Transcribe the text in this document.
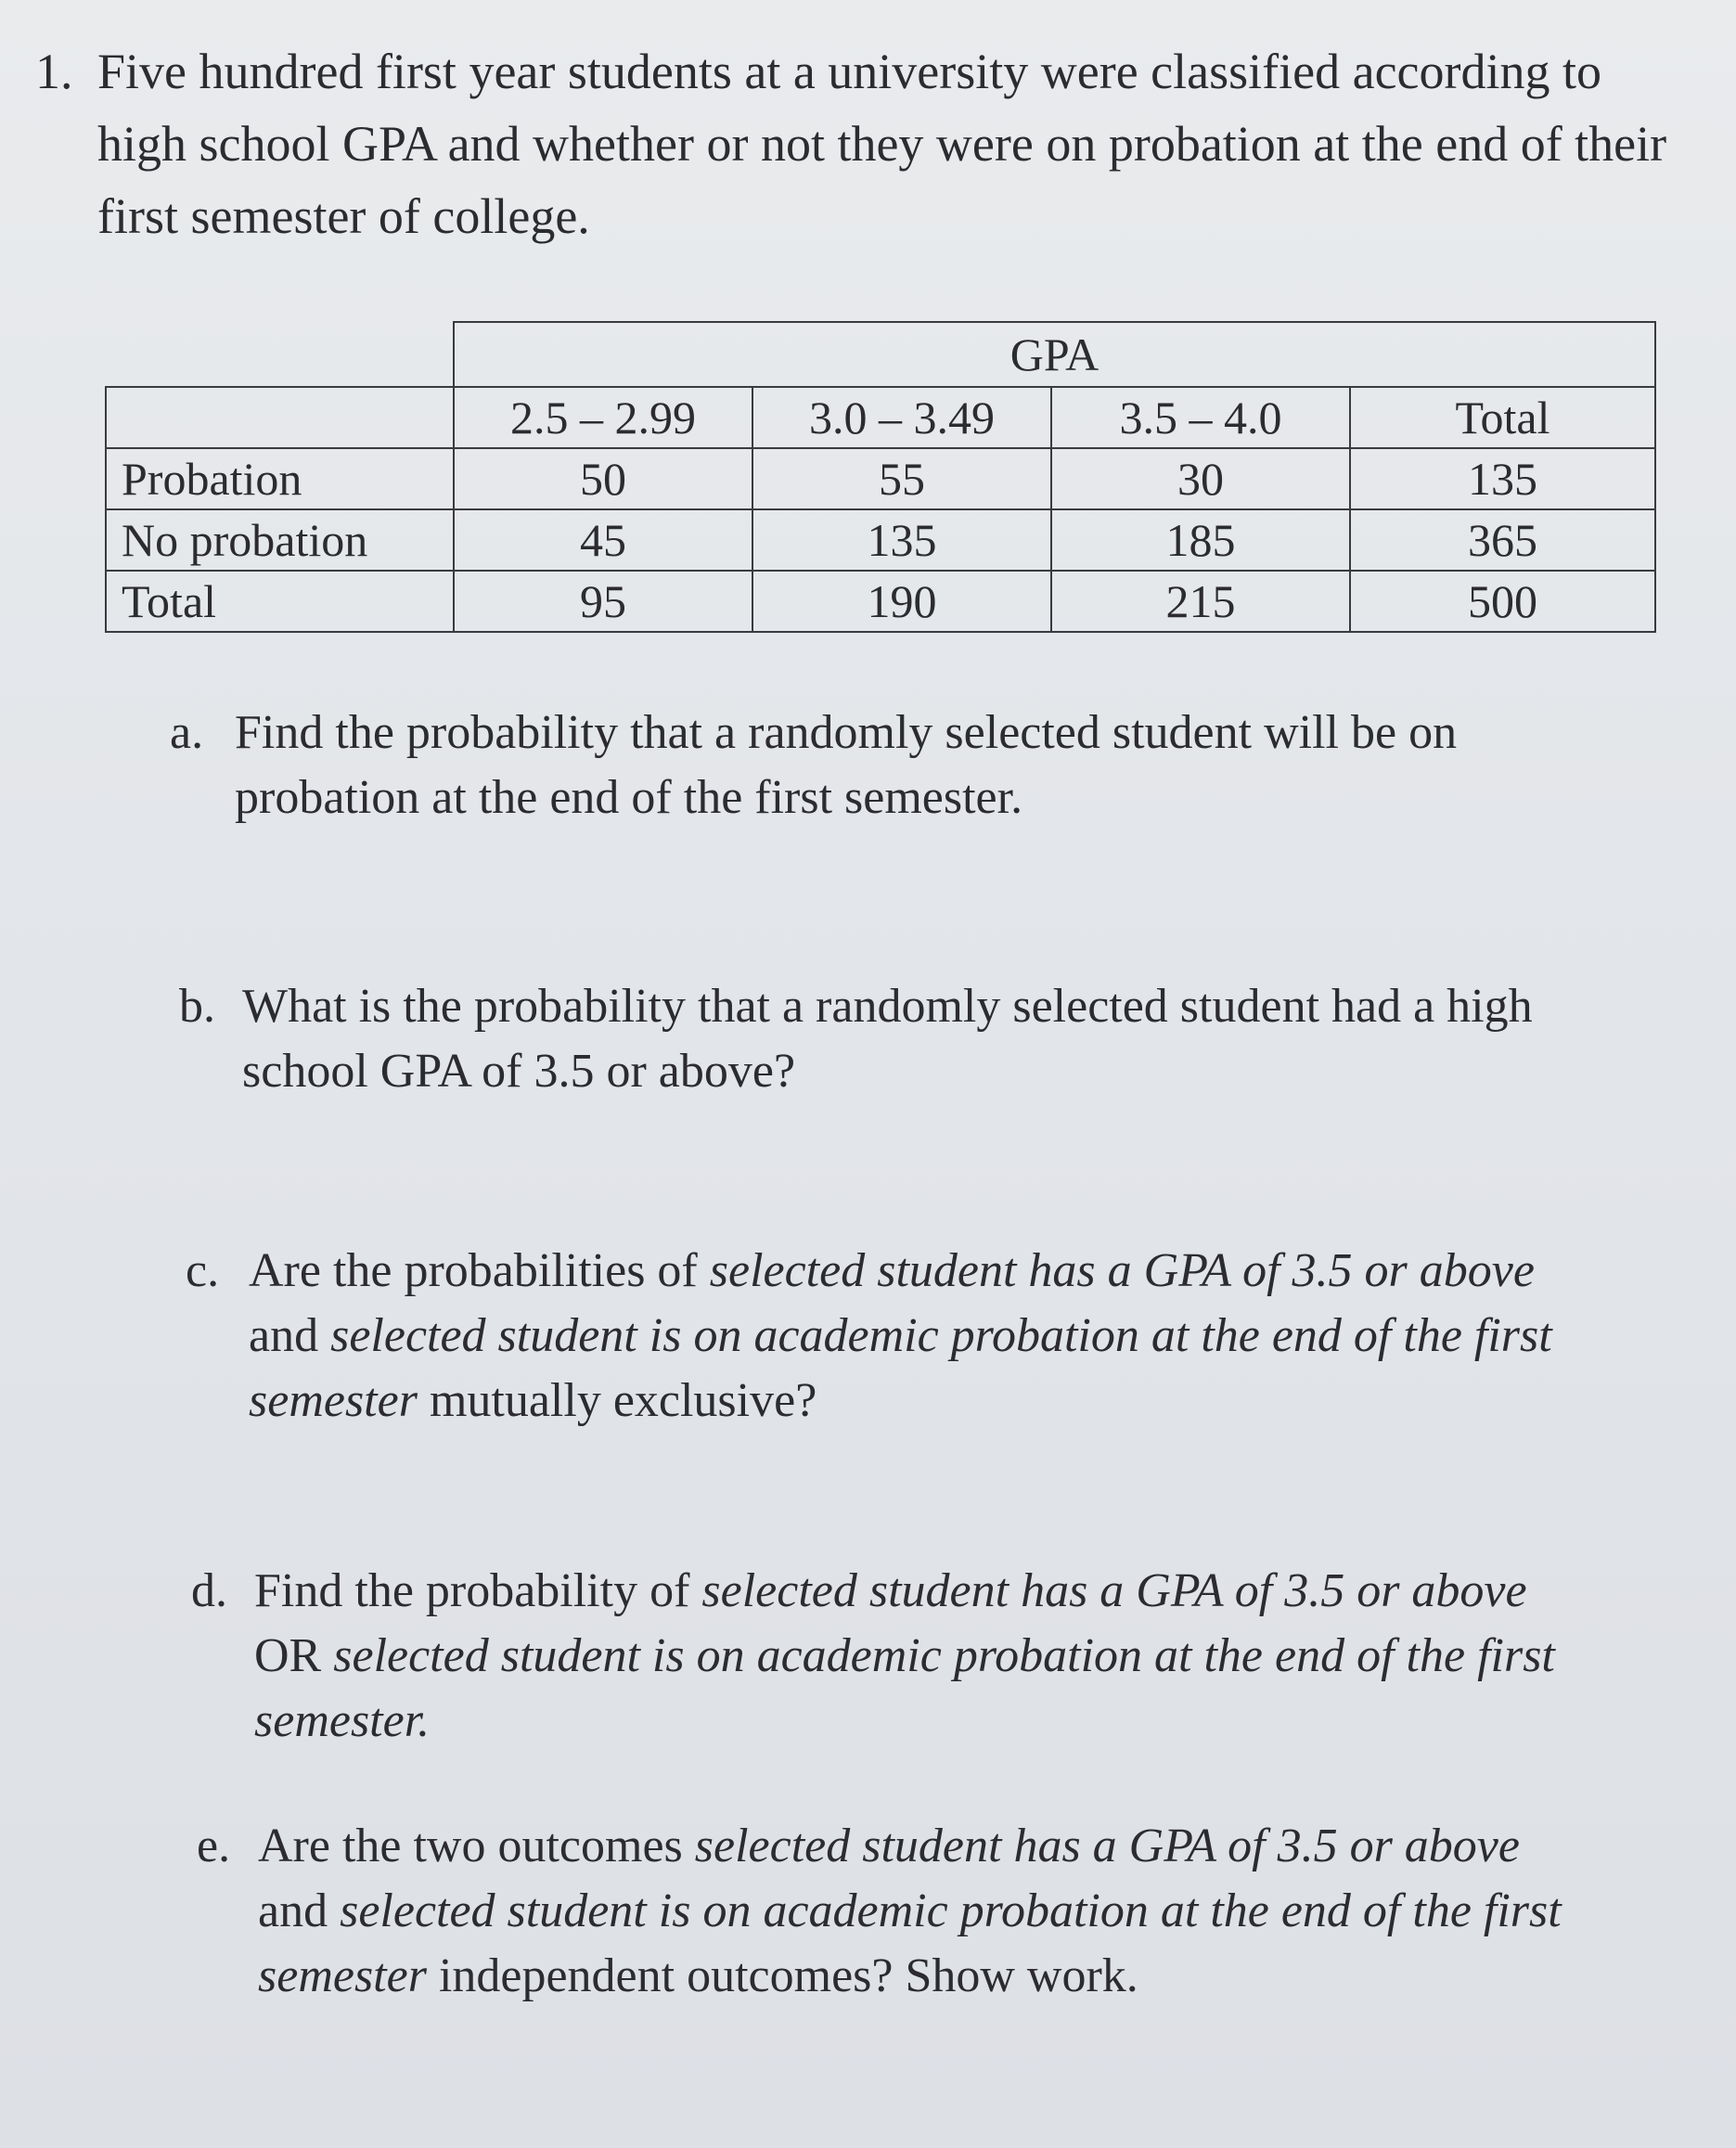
1. Five hundred first year students at a university were classified according to high school GPA and whether or not they were on probation at the end of their first semester of college.
	GPA			
	2.5 – 2.99	3.0 – 3.49	3.5 – 4.0	Total
Probation	50	55	30	135
No probation	45	135	185	365
Total	95	190	215	500
a. Find the probability that a randomly selected student will be on probation at the end of the first semester.
b. What is the probability that a randomly selected student had a high school GPA of 3.5 or above?
c. Are the probabilities of selected student has a GPA of 3.5 or above and selected student is on academic probation at the end of the first semester mutually exclusive?
d. Find the probability of selected student has a GPA of 3.5 or above OR selected student is on academic probation at the end of the first semester.
e. Are the two outcomes selected student has a GPA of 3.5 or above and selected student is on academic probation at the end of the first semester independent outcomes? Show work.
